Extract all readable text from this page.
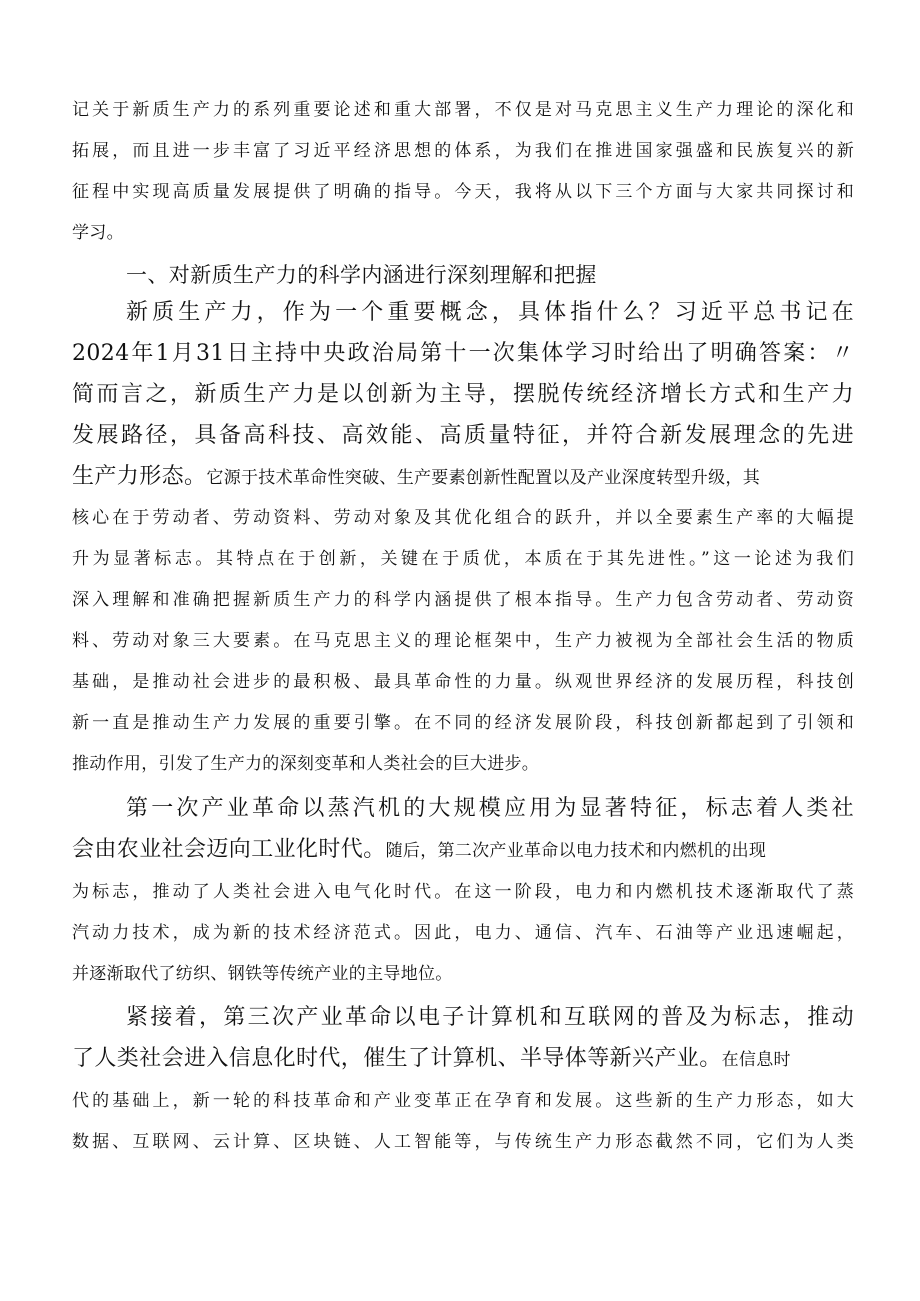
记关于新质生产力的系列重要论述和重大部署，不仅是对马克思主义生产力理论的深化和
拓展，而且进一步丰富了习近平经济思想的体系，为我们在推进国家强盛和民族复兴的新
征程中实现高质量发展提供了明确的指导。今天，我将从以下三个方面与大家共同探讨和
学习。
一、对新质生产力的科学内涵进行深刻理解和把握
新质生产力，作为一个重要概念，具体指什么？习近平总书记在
2024年1月31日主持中央政治局第十一次集体学习时给出了明确答案：〃
简而言之，新质生产力是以创新为主导，摆脱传统经济增长方式和生产力
发展路径，具备高科技、高效能、高质量特征，并符合新发展理念的先进
生产力形态。它源于技术革命性突破、生产要素创新性配置以及产业深度转型升级，其
核心在于劳动者、劳动资料、劳动对象及其优化组合的跃升，并以全要素生产率的大幅提
升为显著标志。其特点在于创新，关键在于质优，本质在于其先进性。”这一论述为我们
深入理解和准确把握新质生产力的科学内涵提供了根本指导。生产力包含劳动者、劳动资
料、劳动对象三大要素。在马克思主义的理论框架中，生产力被视为全部社会生活的物质
基础，是推动社会进步的最积极、最具革命性的力量。纵观世界经济的发展历程，科技创
新一直是推动生产力发展的重要引擎。在不同的经济发展阶段，科技创新都起到了引领和
推动作用，引发了生产力的深刻变革和人类社会的巨大进步。
第一次产业革命以蒸汽机的大规模应用为显著特征，标志着人类社
会由农业社会迈向工业化时代。随后，第二次产业革命以电力技术和内燃机的出现
为标志，推动了人类社会进入电气化时代。在这一阶段，电力和内燃机技术逐渐取代了蒸
汽动力技术，成为新的技术经济范式。因此，电力、通信、汽车、石油等产业迅速崛起，
并逐渐取代了纺织、钢铁等传统产业的主导地位。
紧接着，第三次产业革命以电子计算机和互联网的普及为标志，推动
了人类社会进入信息化时代，催生了计算机、半导体等新兴产业。在信息时
代的基础上，新一轮的科技革命和产业变革正在孕育和发展。这些新的生产力形态，如大
数据、互联网、云计算、区块链、人工智能等，与传统生产力形态截然不同，它们为人类
